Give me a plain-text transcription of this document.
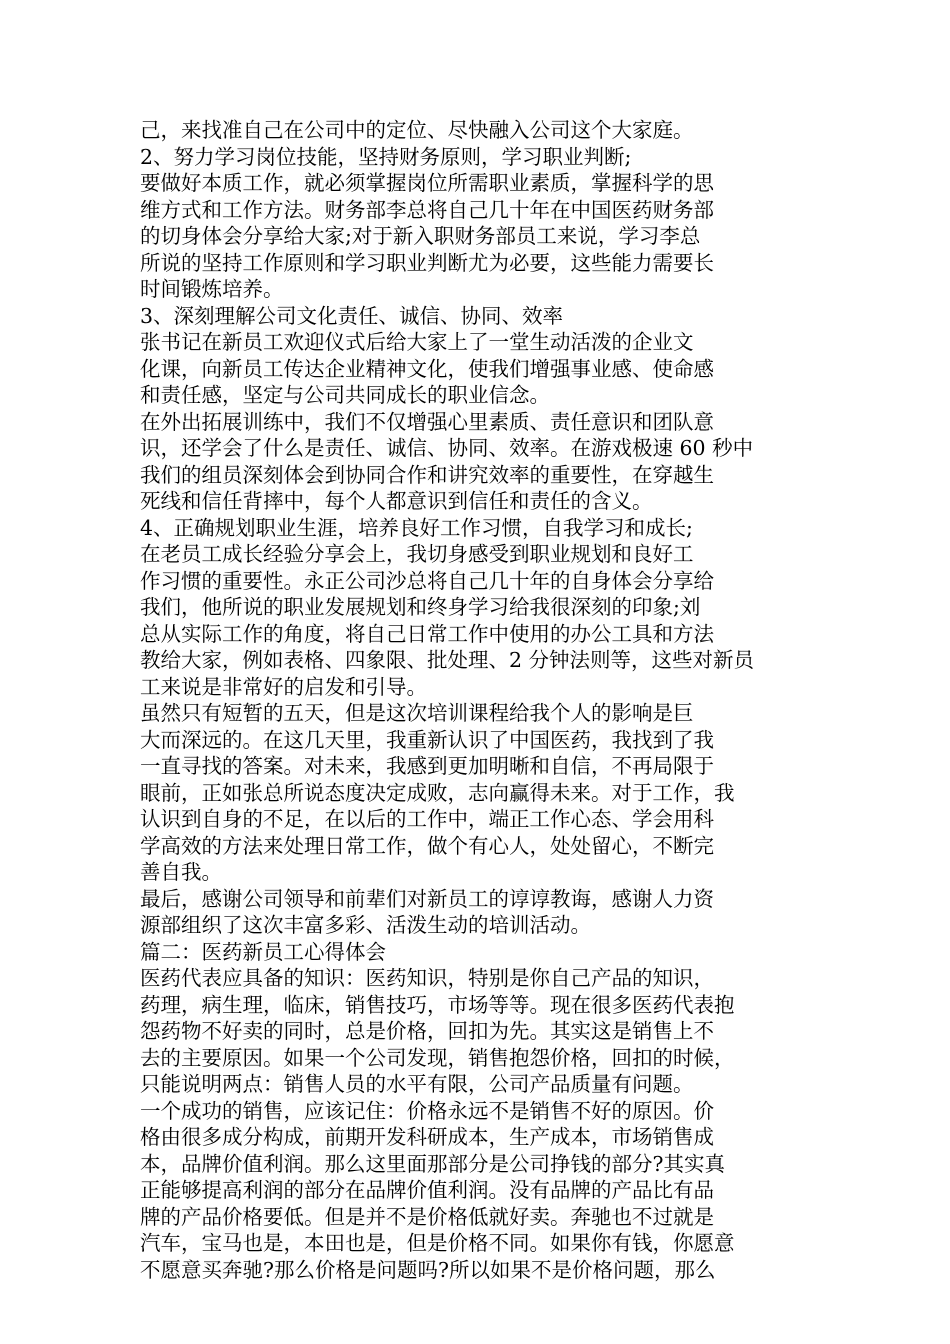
己，来找准自己在公司中的定位、尽快融入公司这个大家庭。
2、努力学习岗位技能，坚持财务原则，学习职业判断;
要做好本质工作，就必须掌握岗位所需职业素质，掌握科学的思
维方式和工作方法。财务部李总将自己几十年在中国医药财务部
的切身体会分享给大家;对于新入职财务部员工来说，学习李总
所说的坚持工作原则和学习职业判断尤为必要，这些能力需要长
时间锻炼培养。
3、深刻理解公司文化责任、诚信、协同、效率
张书记在新员工欢迎仪式后给大家上了一堂生动活泼的企业文
化课，向新员工传达企业精神文化，使我们增强事业感、使命感
和责任感，坚定与公司共同成长的职业信念。
在外出拓展训练中，我们不仅增强心里素质、责任意识和团队意
识，还学会了什么是责任、诚信、协同、效率。在游戏极速 60 秒中
我们的组员深刻体会到协同合作和讲究效率的重要性，在穿越生
死线和信任背摔中，每个人都意识到信任和责任的含义。
4、正确规划职业生涯，培养良好工作习惯，自我学习和成长;
在老员工成长经验分享会上，我切身感受到职业规划和良好工
作习惯的重要性。永正公司沙总将自己几十年的自身体会分享给
我们，他所说的职业发展规划和终身学习给我很深刻的印象;刘
总从实际工作的角度，将自己日常工作中使用的办公工具和方法
教给大家，例如表格、四象限、批处理、2 分钟法则等，这些对新员
工来说是非常好的启发和引导。
虽然只有短暂的五天，但是这次培训课程给我个人的影响是巨
大而深远的。在这几天里，我重新认识了中国医药，我找到了我
一直寻找的答案。对未来，我感到更加明晰和自信，不再局限于
眼前，正如张总所说态度决定成败，志向赢得未来。对于工作，我
认识到自身的不足，在以后的工作中，端正工作心态、学会用科
学高效的方法来处理日常工作，做个有心人，处处留心，不断完
善自我。
最后，感谢公司领导和前辈们对新员工的谆谆教诲，感谢人力资
源部组织了这次丰富多彩、活泼生动的培训活动。
篇二：医药新员工心得体会
医药代表应具备的知识：医药知识，特别是你自己产品的知识，
药理，病生理，临床，销售技巧，市场等等。现在很多医药代表抱
怨药物不好卖的同时，总是价格，回扣为先。其实这是销售上不
去的主要原因。如果一个公司发现，销售抱怨价格，回扣的时候，
只能说明两点：销售人员的水平有限，公司产品质量有问题。
一个成功的销售，应该记住：价格永远不是销售不好的原因。价
格由很多成分构成，前期开发科研成本，生产成本，市场销售成
本，品牌价值利润。那么这里面那部分是公司挣钱的部分?其实真
正能够提高利润的部分在品牌价值利润。没有品牌的产品比有品
牌的产品价格要低。但是并不是价格低就好卖。奔驰也不过就是
汽车，宝马也是，本田也是，但是价格不同。如果你有钱，你愿意
不愿意买奔驰?那么价格是问题吗?所以如果不是价格问题，那么
